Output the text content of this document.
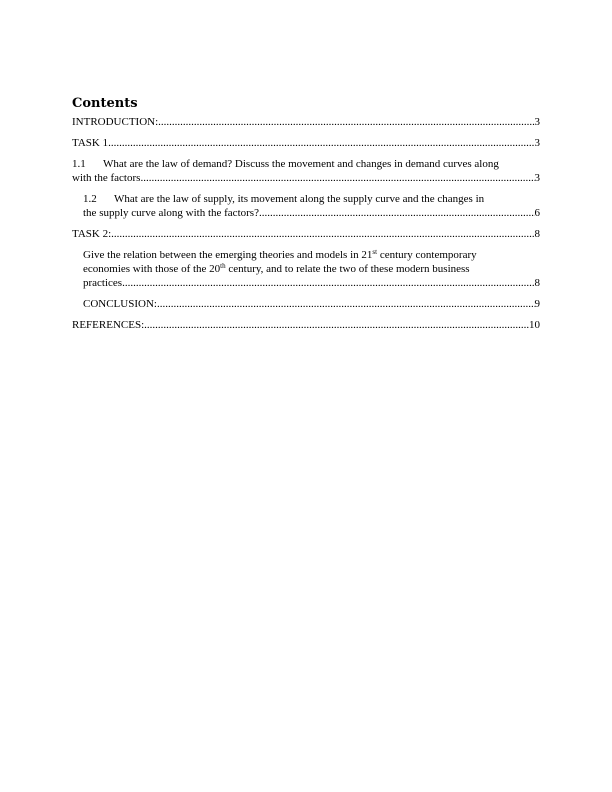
Contents
INTRODUCTION: .....	3
TASK 1 .....	3
1.1 What are the law of demand? Discuss the movement and changes in demand curves along
with the factors .....	3
1.2 What are the law of supply, its movement along the supply curve and the changes in
the supply curve along with the factors? .....	6
TASK 2: .....	8
Give the relation between the emerging theories and models in 21st century contemporary
economies with those of the 20th century, and to relate the two of these modern business
practices .....	8
CONCLUSION: .....	9
REFERENCES: .....	10
